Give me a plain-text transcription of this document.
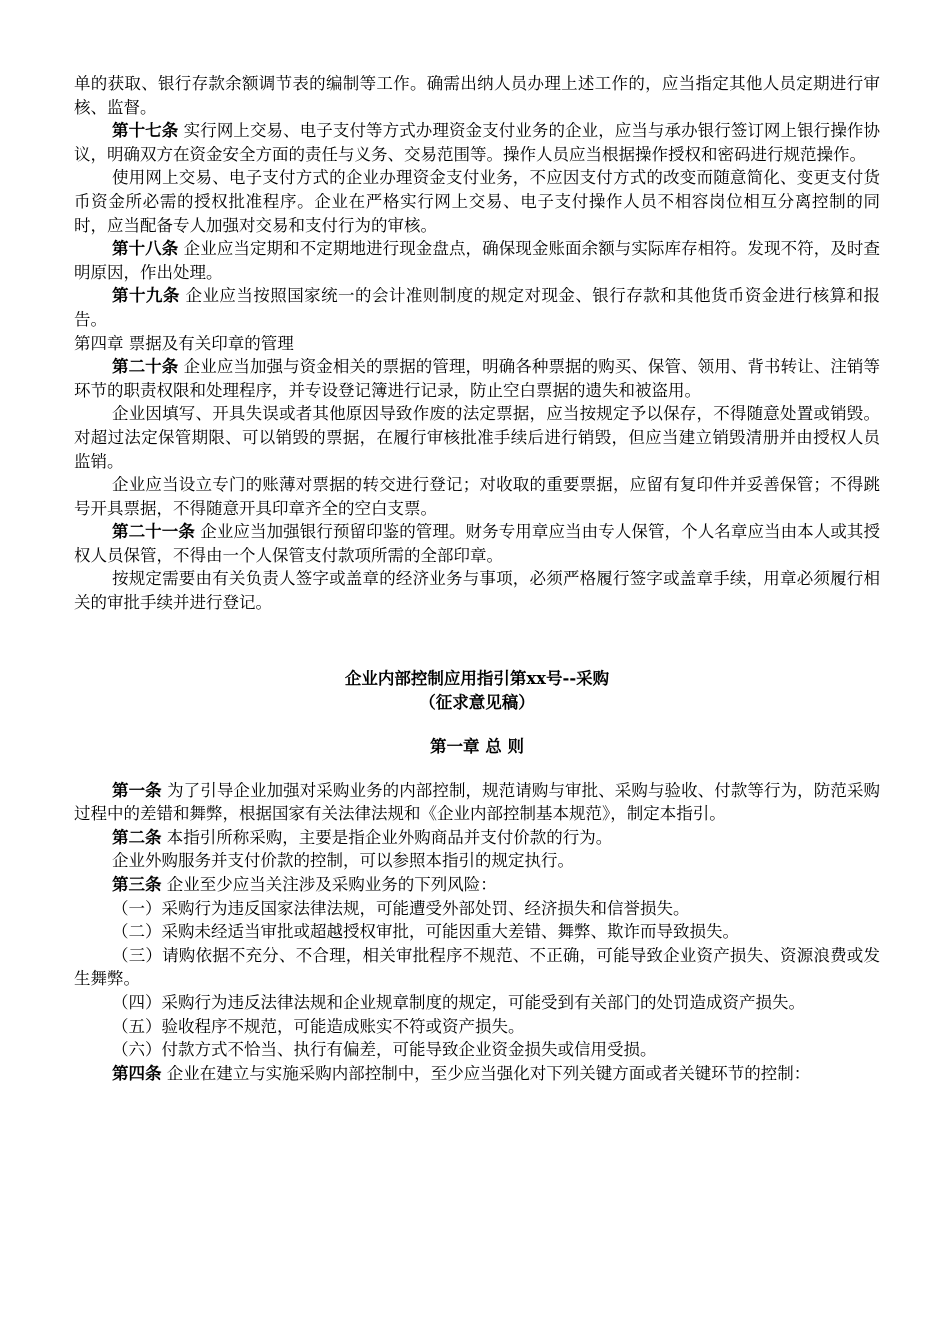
单的获取、银行存款余额调节表的编制等工作。确需出纳人员办理上述工作的，应当指定其他人员定期进行审核、监督。

第十七条 实行网上交易、电子支付等方式办理资金支付业务的企业，应当与承办银行签订网上银行操作协议，明确双方在资金安全方面的责任与义务、交易范围等。操作人员应当根据操作授权和密码进行规范操作。

使用网上交易、电子支付方式的企业办理资金支付业务，不应因支付方式的改变而随意简化、变更支付货币资金所必需的授权批准程序。企业在严格实行网上交易、电子支付操作人员不相容岗位相互分离控制的同时，应当配备专人加强对交易和支付行为的审核。

第十八条 企业应当定期和不定期地进行现金盘点，确保现金账面余额与实际库存相符。发现不符，及时查明原因，作出处理。

第十九条 企业应当按照国家统一的会计准则制度的规定对现金、银行存款和其他货币资金进行核算和报告。

第四章 票据及有关印章的管理

第二十条 企业应当加强与资金相关的票据的管理，明确各种票据的购买、保管、领用、背书转让、注销等环节的职责权限和处理程序，并专设登记簿进行记录，防止空白票据的遗失和被盗用。

企业因填写、开具失误或者其他原因导致作废的法定票据，应当按规定予以保存，不得随意处置或销毁。对超过法定保管期限、可以销毁的票据，在履行审核批准手续后进行销毁，但应当建立销毁清册并由授权人员监销。

企业应当设立专门的账薄对票据的转交进行登记；对收取的重要票据，应留有复印件并妥善保管；不得跳号开具票据，不得随意开具印章齐全的空白支票。

第二十一条 企业应当加强银行预留印鉴的管理。财务专用章应当由专人保管，个人名章应当由本人或其授权人员保管，不得由一个人保管支付款项所需的全部印章。

按规定需要由有关负责人签字或盖章的经济业务与事项，必须严格履行签字或盖章手续，用章必须履行相关的审批手续并进行登记。

企业内部控制应用指引第xx号--采购

（征求意见稿）

第一章 总 则

第一条 为了引导企业加强对采购业务的内部控制，规范请购与审批、采购与验收、付款等行为，防范采购过程中的差错和舞弊，根据国家有关法律法规和《企业内部控制基本规范》，制定本指引。

第二条 本指引所称采购，主要是指企业外购商品并支付价款的行为。

企业外购服务并支付价款的控制，可以参照本指引的规定执行。

第三条 企业至少应当关注涉及采购业务的下列风险：

（一）采购行为违反国家法律法规，可能遭受外部处罚、经济损失和信誉损失。

（二）采购未经适当审批或超越授权审批，可能因重大差错、舞弊、欺诈而导致损失。

（三）请购依据不充分、不合理，相关审批程序不规范、不正确，可能导致企业资产损失、资源浪费或发生舞弊。

（四）采购行为违反法律法规和企业规章制度的规定，可能受到有关部门的处罚造成资产损失。

（五）验收程序不规范，可能造成账实不符或资产损失。

（六）付款方式不恰当、执行有偏差，可能导致企业资金损失或信用受损。

第四条 企业在建立与实施采购内部控制中，至少应当强化对下列关键方面或者关键环节的控制：
